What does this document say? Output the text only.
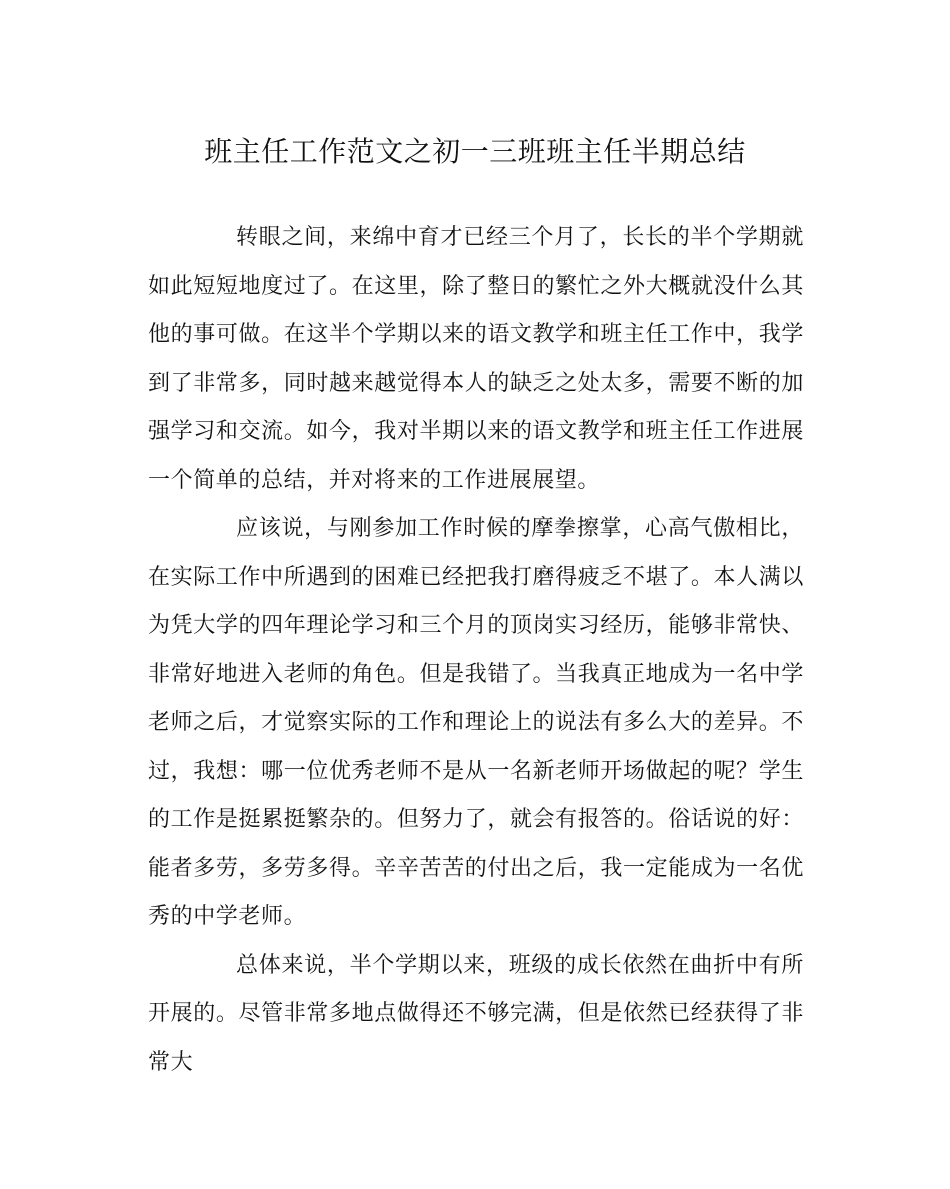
班主任工作范文之初一三班班主任半期总结

转眼之间，来绵中育才已经三个月了，长长的半个学期就如此短短地度过了。在这里，除了整日的繁忙之外大概就没什么其他的事可做。在这半个学期以来的语文教学和班主任工作中，我学到了非常多，同时越来越觉得本人的缺乏之处太多，需要不断的加强学习和交流。如今，我对半期以来的语文教学和班主任工作进展一个简单的总结，并对将来的工作进展展望。

应该说，与刚参加工作时候的摩拳擦掌，心高气傲相比，在实际工作中所遇到的困难已经把我打磨得疲乏不堪了。本人满以为凭大学的四年理论学习和三个月的顶岗实习经历，能够非常快、非常好地进入老师的角色。但是我错了。当我真正地成为一名中学老师之后，才觉察实际的工作和理论上的说法有多么大的差异。不过，我想：哪一位优秀老师不是从一名新老师开场做起的呢？学生的工作是挺累挺繁杂的。但努力了，就会有报答的。俗话说的好：能者多劳，多劳多得。辛辛苦苦的付出之后，我一定能成为一名优秀的中学老师。

总体来说，半个学期以来，班级的成长依然在曲折中有所开展的。尽管非常多地点做得还不够完满，但是依然已经获得了非常大
